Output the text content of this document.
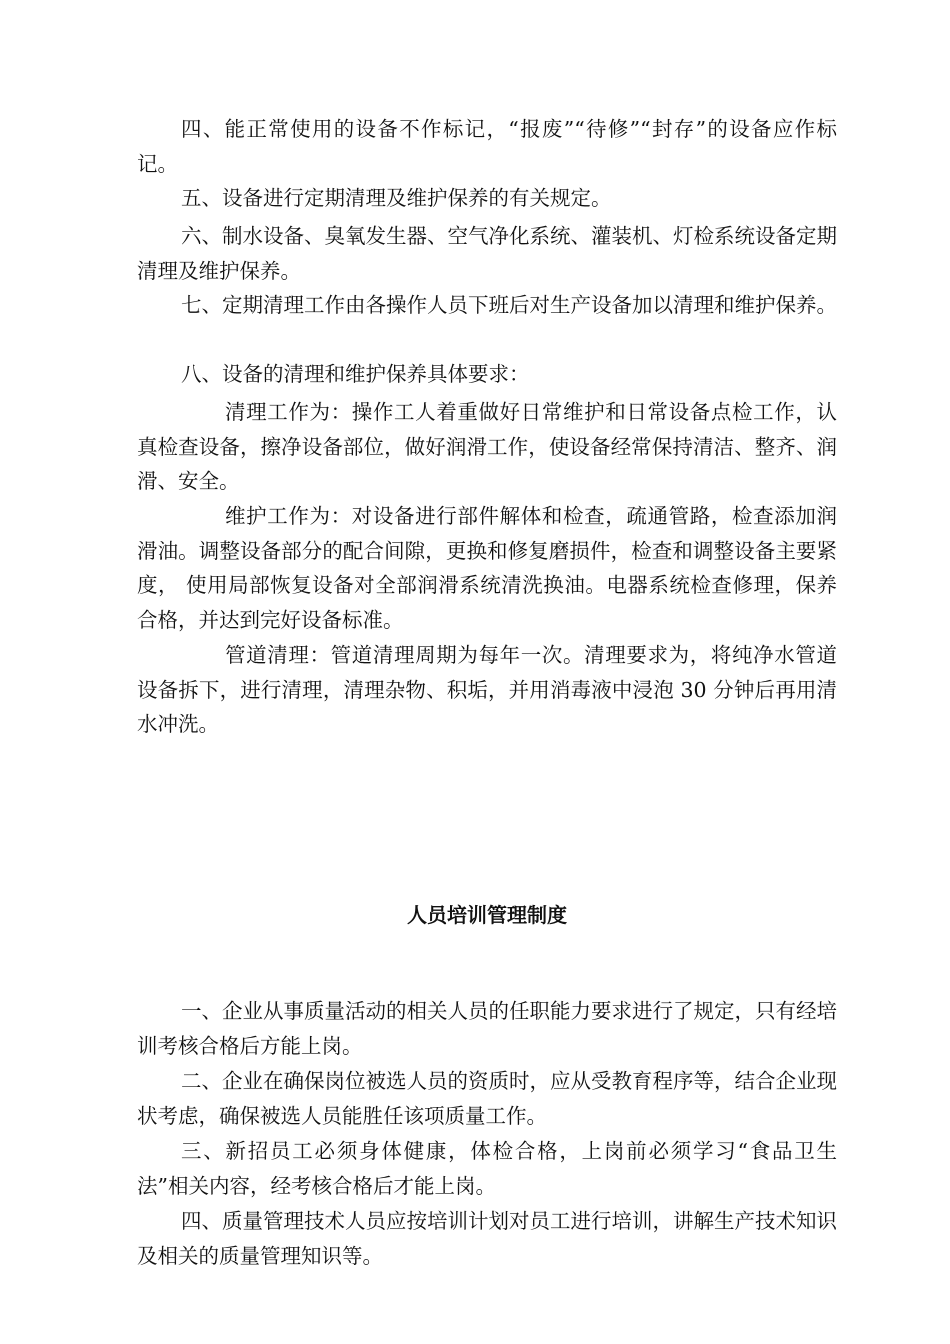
四、能正常使用的设备不作标记，“报废”“待修”“封存”的设备应作标记。

五、设备进行定期清理及维护保养的有关规定。

六、制水设备、臭氧发生器、空气净化系统、灌装机、灯检系统设备定期清理及维护保养。

七、定期清理工作由各操作人员下班后对生产设备加以清理和维护保养。

八、设备的清理和维护保养具体要求：

清理工作为：操作工人着重做好日常维护和日常设备点检工作，认真检查设备，擦净设备部位，做好润滑工作，使设备经常保持清洁、整齐、润滑、安全。

维护工作为：对设备进行部件解体和检查，疏通管路，检查添加润滑油。调整设备部分的配合间隙，更换和修复磨损件，检查和调整设备主要紧度， 使用局部恢复设备对全部润滑系统清洗换油。电器系统检查修理，保养合格，并达到完好设备标准。

管道清理：管道清理周期为每年一次。清理要求为，将纯净水管道设备拆下，进行清理，清理杂物、积垢，并用消毒液中浸泡 30 分钟后再用清水冲洗。

人员培训管理制度

一、企业从事质量活动的相关人员的任职能力要求进行了规定，只有经培训考核合格后方能上岗。

二、企业在确保岗位被选人员的资质时，应从受教育程序等，结合企业现状考虑，确保被选人员能胜任该项质量工作。

三、新招员工必须身体健康，体检合格，上岗前必须学习“食品卫生法”相关内容，经考核合格后才能上岗。

四、质量管理技术人员应按培训计划对员工进行培训，讲解生产技术知识及相关的质量管理知识等。
